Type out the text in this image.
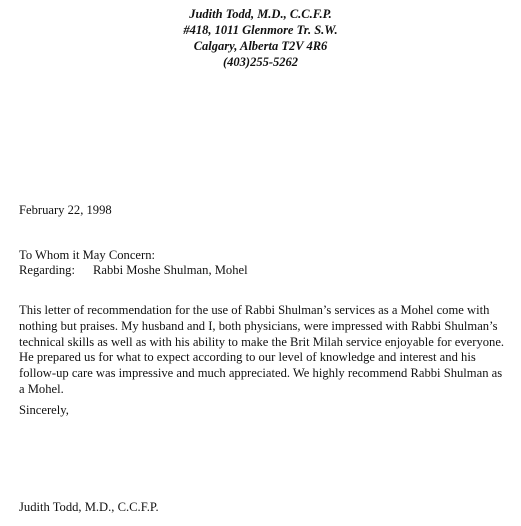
Judith Todd, M.D., C.C.F.P.
#418, 1011 Glenmore Tr. S.W.
Calgary, Alberta T2V 4R6
(403)255-5262
February 22, 1998
To Whom it May Concern:
Regarding: Rabbi Moshe Shulman, Mohel
This letter of recommendation for the use of Rabbi Shulman’s services as a Mohel come with
nothing but praises. My husband and I, both physicians, were impressed with Rabbi Shulman’s
technical skills as well as with his ability to make the Brit Milah service enjoyable for everyone.
He prepared us for what to expect according to our level of knowledge and interest and his
follow-up care was impressive and much appreciated. We highly recommend Rabbi Shulman as
a Mohel.
Sincerely,
Judith Todd, M.D., C.C.F.P.
